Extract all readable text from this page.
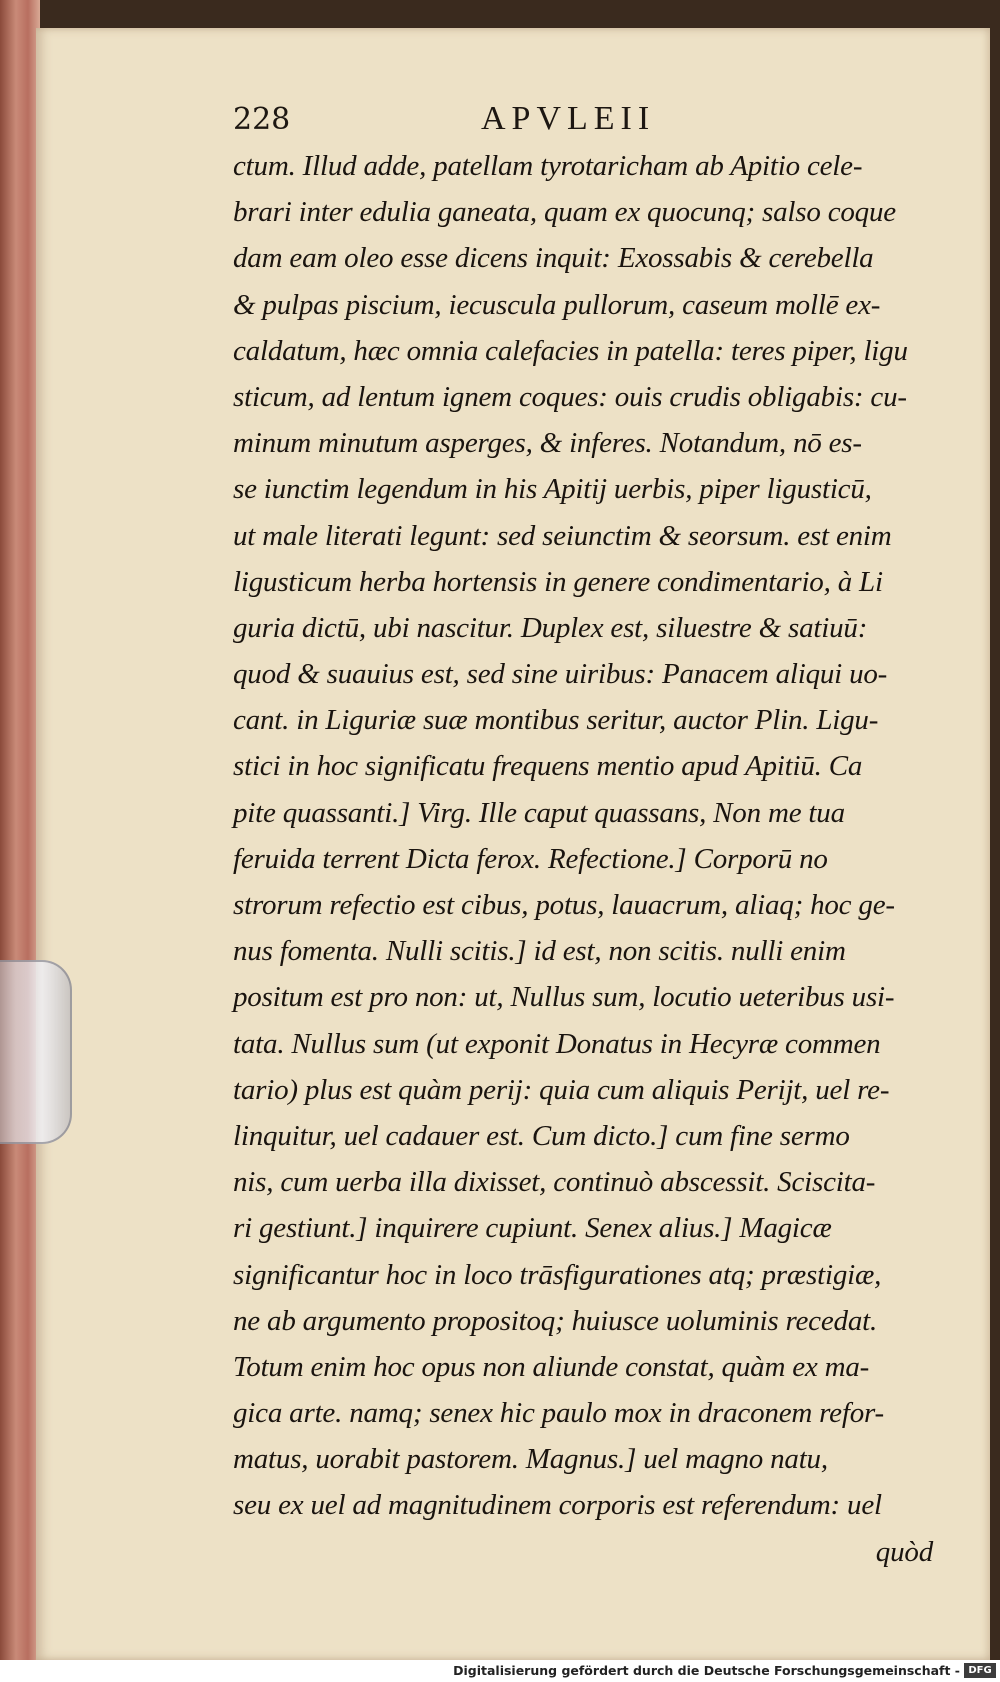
228	APVLEII
ctum. Illud adde, patellam tyrotaricham ab Apitio cele-
brari inter edulia ganeata, quam ex quocunq; salso coque
dam eam oleo esse dicens inquit: Exossabis & cerebella
& pulpas piscium, iecuscula pullorum, caseum mollē ex-
caldatum, hæc omnia calefacies in patella: teres piper, ligu
sticum, ad lentum ignem coques: ouis crudis obligabis: cu-
minum minutum asperges, & inferes. Notandum, nō es-
se iunctim legendum in his Apitij uerbis, piper ligusticū,
ut male literati legunt: sed seiunctim & seorsum. est enim
ligusticum herba hortensis in genere condimentario, à Li
guria dictū, ubi nascitur. Duplex est, siluestre & satiuū:
quod & suauius est, sed sine uiribus: Panacem aliqui uo-
cant. in Liguriæ suæ montibus seritur, auctor Plin. Ligu-
stici in hoc significatu frequens mentio apud Apitiū. Ca
pite quassanti.] Virg. Ille caput quassans, Non me tua
feruida terrent Dicta ferox. Refectione.] Corporū no
strorum refectio est cibus, potus, lauacrum, aliaq; hoc ge-
nus fomenta. Nulli scitis.] id est, non scitis. nulli enim
positum est pro non: ut, Nullus sum, locutio ueteribus usi-
tata. Nullus sum (ut exponit Donatus in Hecyræ commen
tario) plus est quàm perij: quia cum aliquis Perijt, uel re-
linquitur, uel cadauer est. Cum dicto.] cum fine sermo
nis, cum uerba illa dixisset, continuò abscessit. Sciscita-
ri gestiunt.] inquirere cupiunt. Senex alius.] Magicæ
significantur hoc in loco trāsfigurationes atq; præstigiæ,
ne ab argumento propositoq; huiusce uoluminis recedat.
Totum enim hoc opus non aliunde constat, quàm ex ma-
gica arte. namq; senex hic paulo mox in draconem refor-
matus, uorabit pastorem. Magnus.] uel magno natu,
seu ex uel ad magnitudinem corporis est referendum: uel
quòd
Digitalisierung gefördert durch die Deutsche Forschungsgemeinschaft - DFG
